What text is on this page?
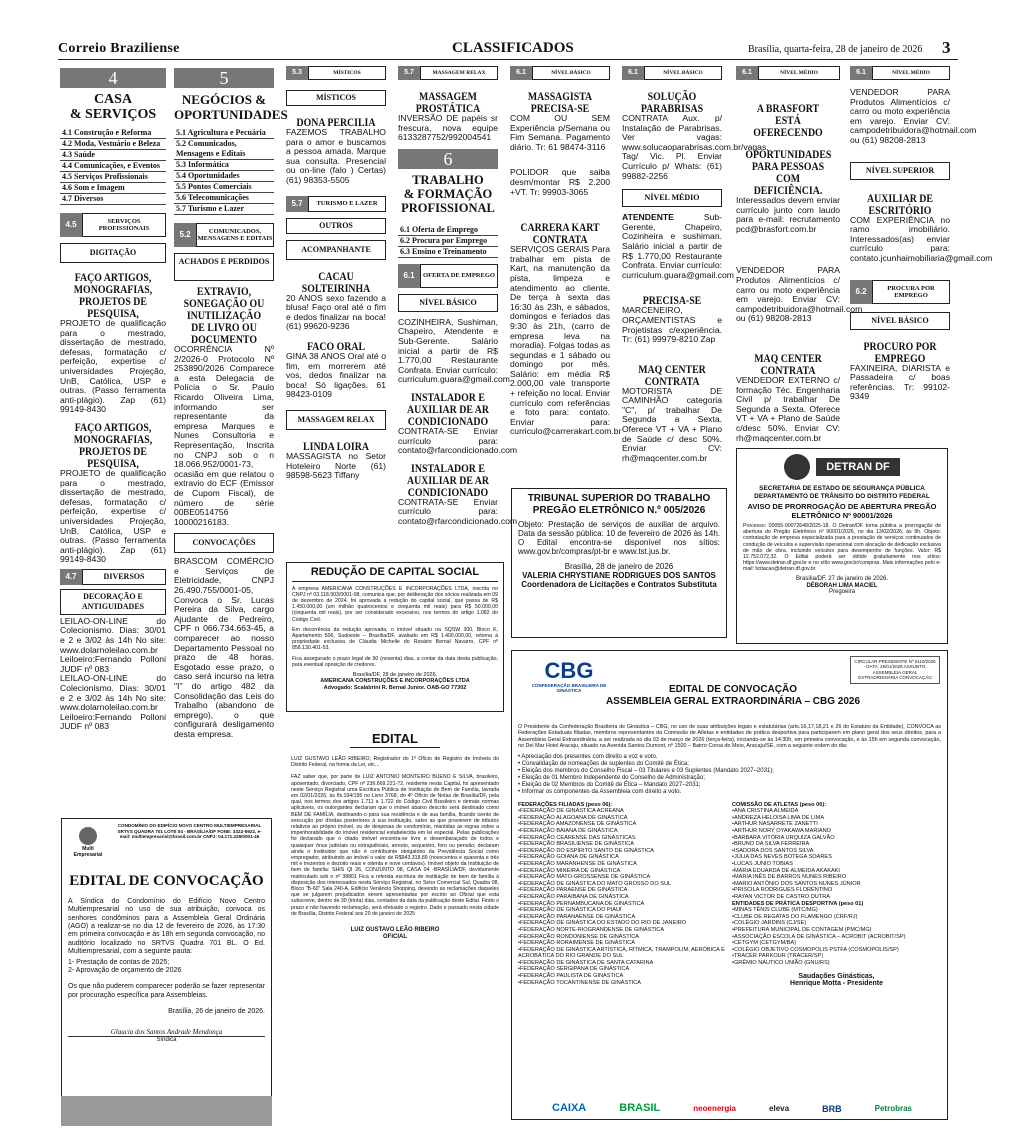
Correio Braziliense	CLASSIFICADOS	Brasília, quarta-feira, 28 de janeiro de 2026 3
4
CASA
& SERVIÇOS
4.1 Construção e Reforma
4.2 Moda, Vestuário e Beleza
4.3 Saúde
4.4 Comunicações, e Eventos
4.5 Serviços Profissionais
4.6 Som e Imagem
4.7 Diversos
4.5	SERVIÇOS PROFISSIONAIS
DIGITAÇÃO
FAÇO ARTIGOS, MONOGRAFIAS, PROJETOS DE PESQUISA,
PROJETO de qualificação para o mestrado, dissertação de mestrado, defesas, formatação c/ perfeição, expertise c/ universidades Projeção, UnB, Católica, USP e outras. (Passo ferramenta anti-plágio). Zap (61) 99149-8430
FAÇO ARTIGOS, MONOGRAFIAS, PROJETOS DE PESQUISA,
PROJETO de qualificação para o mestrado, dissertação de mestrado, defesas, formatação c/ perfeição, expertise c/ universidades Projeção, UnB, Católica, USP e outras. (Passo ferramenta anti-plágio). Zap (61) 99149-8430
4.7	DIVERSOS
DECORAÇÃO E ANTIGUIDADES
LEILAO-ON-LINE do Colecionismo. Dias: 30/01 e 2 e 3/02 às 14h No site: www.dolarnoleilao.com.br Leiloeiro:Fernando Polloni JUDF nº 083
LEILAO-ON-LINE do Colecionismo. Dias: 30/01 e 2 e 3/02 às 14h No site: www.dolarnoleilao.com.br Leiloeiro:Fernando Polloni JUDF nº 083
5
NEGÓCIOS &
OPORTUNIDADES
5.1 Agricultura e Pecuária
5.2 Comunicados, Mensagens e Editais
5.3 Informática
5.4 Oportunidades
5.5 Pontos Comerciais
5.6 Telecomunicações
5.7 Turismo e Lazer
5.2	COMUNICADOS, MENSAGENS E EDITAIS
ACHADOS E PERDIDOS
EXTRAVIO, SONEGAÇÃO OU INUTILIZAÇÃO DE LIVRO OU DOCUMENTO
OCORRÊNCIA Nº 2/2026-0 Protocolo Nº 253890/2026 Comparece a esta Delegacia de Polícia o Sr. Paulo Ricardo Oliveira Lima, informando ser representante da empresa Marques e Nunes Consultoria e Representação, Inscrita no CNPJ sob o n 18.066.952/0001-73, ocasião em que relatou o extravio do ECF (Emissor de Cupom Fiscal), de número de série 00BE0514756 10000216183.
CONVOCAÇÕES
BRASCOM COMÉRCIO e Serviços de Eletricidade, CNPJ 26.490.755/0001-05, Convoca o Sr. Lucas Pereira da Silva, cargo Ajudante de Pedreiro, CPF n 066.734.663-45, a comparecer ao nosso Departamento Pessoal no prazo de 48 horas. Esgotado esse prazo, o caso será incurso na letra "I" do artigo 482 da Consolidação das Leis do Trabalho (abandono de emprego), o que configurará desligamento desta empresa.
5.3	MÍSTICOS
MÍSTICOS
DONA PERCILIA
FAZEMOS TRABALHO para o amor e buscamos a pessoa amada. Marque sua consulta. Presencial ou on-line (falo ) Certas) (61) 98353-5505
5.7	TURISMO E LAZER
OUTROS
ACOMPANHANTE
CACAU SOLTEIRINHA
20 ANOS sexo fazendo a blusa! Faço oral até o fim e dedos finalizar na boca! (61) 99620-9236
FACO ORAL
GINA 38 ANOS Oral até o fim, em morrerem até vos, dedos finalizar na boca! Só ligações. 61 98423-0109
MASSAGEM RELAX
LINDA LOIRA
MASSAGISTA no Setor Hoteleiro Norte (61) 98598-5623 Tiffany
5.7	MASSAGEM RELAX
MASSAGEM PROSTÁTICA
INVERSÃO DE papéis sr frescura, nova equipe 6133287752/992004541
6
TRABALHO
& FORMAÇÃO
PROFISSIONAL
6.1 Oferta de Emprego
6.2 Procura por Emprego
6.3 Ensino e Treinamento
6.1	OFERTA DE EMPREGO
NÍVEL BÁSICO
COZINHEIRA, Sushiman, Chapeiro, Atendente e Sub-Gerente. Salário inicial a partir de R$ 1.770,00 Restaurante Confrata. Enviar currículo: curriculum.guara@gmail.com
INSTALADOR E AUXILIAR DE AR CONDICIONADO
CONTRATA-SE Enviar currículo para: contato@rfarcondicionado.com
INSTALADOR E AUXILIAR DE AR CONDICIONADO
CONTRATA-SE Enviar currículo para: contato@rfarcondicionado.com
6.1	NÍVEL BÁSICO
MASSAGISTA PRECISA-SE
COM OU SEM Experiência p/Semana ou Fim Semana. Pagamento diário. Tr: 61 98474-3116
POLIDOR que saiba desm/montar R$ 2.200 +VT. Tr: 99903-3065
CARRERA KART CONTRATA
SERVIÇOS GERAIS Para trabalhar em pista de Kart, na manutenção da pista, limpeza e atendimento ao cliente. De terça à sexta das 16:30 às 23h, e sábados, domingos e feriados das 9:30 às 21h, (carro de empresa leva na moradia). Folgas todas as segundas e 1 sábado ou domingo por mês. Salário: em média R$ 2.000,00 vale transporte + refeição no local. Enviar currículo com referências e foto para: contato. Enviar para: curriculo@carrerakart.com.br
6.1	NÍVEL BÁSICO
SOLUÇÃO PARABRISAS
CONTRATA Aux. p/ Instalação de Parabrisas. Ver vagas: www.solucaoparabrisas.com.br/vagas. Tag/ Vic. Pl. Enviar Currículo p/ Whats: (61) 99882-2256
NÍVEL MÉDIO
ATENDENTE	Sub-Gerente, Chapeiro, Cozinheira e sushiman. Salário inicial a partir de R$ 1.770,00 Restaurante Confrata. Enviar currículo: curriculum.guara@gmail.com
PRECISA-SE
MARCENEIRO, ORÇAMENTISTAS e Projetistas c/experiência. Tr: (61) 99979-8210 Zap
MAQ CENTER CONTRATA
MOTORISTA DE CAMINHÃO categoria "C", p/ trabalhar De Segunda a Sexta. Oferece VT + VA + Plano de Saúde c/ desc 50%. Enviar CV: rh@maqcenter.com.br
6.1	NÍVEL MÉDIO
A BRASFORT ESTÁ OFERECENDO
OPORTUNIDADES PARA PESSOAS COM DEFICIÊNCIA.
Interessados devem enviar currículo junto com laudo para e-mail: recrutamento pcd@brasfort.com.br
VENDEDOR PARA Produtos Alimentícios c/ carro ou moto experiência em varejo. Enviar CV: campodetribuidora@hotmail.com ou (61) 98208-2813
MAQ CENTER CONTRATA
VENDEDOR EXTERNO c/ formação Téc. Engenharia Civil p/ trabalhar De Segunda a Sexta. Oferece VT + VA + Plano de Saúde c/desc 50%. Enviar CV: rh@maqcenter.com.br
6.1	NÍVEL MÉDIO
VENDEDOR PARA Produtos Alimentícios c/ carro ou moto experiência em varejo. Enviar CV: campodetribuidora@hotmail.com ou (61) 98208-2813
NÍVEL SUPERIOR
AUXILIAR DE ESCRITÓRIO
COM EXPERIÊNCIA no ramo imobiliário. Interessados(as) enviar currículo para: contato.jcunhaimobiliaria@gmail.com
6.2	PROCURA POR EMPREGO
NÍVEL BÁSICO
PROCURO POR EMPREGO
FAXINEIRA, DIARISTA e Passadeira c/ boas referências. Tr: 99102-9349
TRIBUNAL SUPERIOR DO TRABALHO
PREGÃO ELETRÔNICO N.º 005/2026
Objeto: Prestação de serviços de auxiliar de arquivo. Data da sessão pública: 10 de fevereiro de 2026 às 14h. O Edital encontra-se disponível nos sítios: www.gov.br/compras/pt-br e www.tst.jus.br.
Brasília, 28 de janeiro de 2026
VALERIA CHRYSTIANE RODRIGUES DOS SANTOS
Coordenadora de Licitações e Contratos Substituta
DETRAN DF
SECRETARIA DE ESTADO DE SEGURANÇA PÚBLICA DEPARTAMENTO DE TRÂNSITO DO DISTRITO FEDERAL
AVISO DE PRORROGAÇÃO DE ABERTURA PREGÃO ELETRÔNICO Nº 90001/2026
Processo: 00055-00072648/2025-18. O Detran/DF torna pública a prorrogação de abertura do Pregão Eletrônico nº 90001/2026, no dia 13/02/2026, às 9h. Objeto: contratação de empresa especializada para a prestação de serviços continuados de condução de veículos e supervisão operacional com alocação de dedicação exclusiva de mão de obra, incluindo veículos para desempenho de funções. Valor: R$ 12.752.072,32. O Edital poderá ser obtido gratuitamente nos sítios: https://www.detran.df.gov.br e no sítio www.gov.br/compras. Mais informações pelo e-mail: licitacao@detran.df.gov.br.
Brasília/DF, 27 de janeiro de 2026.
DÉBORAH LIMA MACIEL
Pregoeira
REDUÇÃO DE CAPITAL SOCIAL
A empresa AMERICANA CONSTRUÇÕES E INCORPORAÇÕES LTDA, inscrita no CNPJ nº 03.118.903/0001-08, comunica que, por deliberação dos sócios realizada em 09 de dezembro de 2024, foi aprovada a redução do capital social, que passa de R$ 1.450.000,00 (um milhão quatrocentos e cinquenta mil reais) para R$ 50.000,00 (cinquenta mil reais), por ser considerado excessivo, nos termos do artigo 1.082 do Código Civil.
Em decorrência da redução aprovada, o imóvel situado na SQSW 300, Bloco K, Apartamento 506, Sudoeste – Brasília/DF, avaliado em R$ 1.400.000,00, retorna à propriedade exclusiva de Cláudia Michelle do Rosário Bernal Navarro, CPF nº 858.130.401-53.
Fica assegurado o prazo legal de 90 (noventa) dias, a contar da data desta publicação, para eventual oposição de credores.
Brasília/DF, 28 de janeiro de 2026.
AMERICANA CONSTRUÇÕES E INCORPORAÇÕES LTDA
Advogado: Scalabrini R. Bernal Junior. OAB-GO 77302
EDITAL
LUIZ GUSTAVO LEÃO RIBEIRO, Registrador do 1º Ofício de Registro de Imóveis do Distrito Federal, na forma da Lei, etc...
FAZ saber que, por parte de LUIZ ANTONIO MONTEIRO BUENO E SILVA, brasileiro, aposentado, divorciado, CPF nº 236.669.221-72, residente nesta Capital, foi apresentado neste Serviço Registral uma Escritura Pública de Instituição de Bem de Família, lavrada em 02/01/2026, às fls.194/195 no Livro 3768, do 4º Ofício de Notas de Brasília/DF, pela qual, nos termos dos artigos 1.711 a 1.722 do Código Civil Brasileiro e demais normas aplicáveis, os outorgantes declaram que o imóvel abaixo descrito será destinado como BEM DE FAMÍLIA, destinando-o para sua residência e de sua família, ficando isento de execução por dívidas posteriores à sua instituição, salvo as que provierem de tributos relativos ao próprio imóvel, ou de despesas de condomínio, mantidas as regras sobre a impenhorabilidade do imóvel residencial estabelecida em lei especial. Pelas publicações foi declarado que o citado imóvel encontra-se livre e desembaraçado de todos e quaisquer ônus judiciais ou extrajudiciais, arresto, sequestro, foro ou pensão; declaram ainda o Instituidor que não é contribuinte obrigatório da Previdência Social como empregador, atribuindo ao imóvel o valor de R$943.318,89 (novecentos e quarenta e três mil e trezentos e dezoito reais e oitenta e nove centavos). Imóvel objeto da Instituição de bem de família: SHIS QI 26, CONJUNTO 08, CASA 04 -BRASÍLIA/DF, devidamente matriculado sob o nº 38801 Fica a referida escritura de instituição de bem de família à disposição dos interessados nesta Serviço Registral, no Setor Comercial Sul, Quadra 08, Bloco "B-60" Sala 240-A, Edifício Venâncio Shopping, devendo as reclamações daqueles que se julgarem prejudicados serem apresentadas por escrito ao Oficial que esta subscreve, dentro de 30 (trinta) dias, contados da data da publicação deste Edital. Findo o prazo e não havendo reclamação, será efetuado o registro. Dado e passado nesta cidade de Brasília, Distrito Federal aos 20 de janeiro de 2025
LUIZ GUSTAVO LEÃO RIBEIRO
OFICIAL
Multi Empresarial
CONDOMÍNIO DO EDIFÍCIO NOVO CENTRO MULTIEMPRESARIAL SRTVS QUADRA 701 LOTE 04 - BRASÍLIA/DF FONE: 3322-5922, e-mail: multiempresarial@brasil.com.br CNPJ: 04.171.226/0001-46
EDITAL DE CONVOCAÇÃO
A Síndica do Condomínio do Edifício Novo Centro Multiempresarial no uso de sua atribuição, convoca os senhores condôminos para a Assembleia Geral Ordinária (AGO) a realizar-se no dia 12 de fevereiro de 2026, às 17:30 em primeira convocação e às 18h em segunda convocação, no auditório localizado no SRTVS Quadra 701 BL. O Ed. Multiempresarial, com a seguinte pauta:
1- Prestação de contas de 2025;
2- Aprovação de orçamento de 2026
Os que não puderem comparecer poderão se fazer representar por procuração específica para Assembleias.
Brasília, 26 de janeiro de 2026.
Glaucia dos Santos Andrade Mendonça
Síndica
CBG
CONFEDERAÇÃO BRASILEIRA DE GINÁSTICA
CIRCULAR PRESIDENTE Nº 0110/2026 - DATA: 26/01/2026 ASSUNTO: ASSEMBLEIA GERAL EXTRAORDINÁRIA CONVOCAÇÃO
EDITAL DE CONVOCAÇÃO
ASSEMBLEIA GERAL EXTRAORDINÁRIA – CBG 2026
O Presidente da Confederação Brasileira de Ginástica – CBG, no uso de suas atribuições legais e estatutárias (arts.16,17,18,21 e 26 do Estatuto da Entidade), CONVOCA as Federações Estaduais filiadas, membros representantes da Comissão de Atletas e entidades de prática desportiva para participarem em plano geral dos seus direitos, para a Assembleia Geral Extraordinária, a ser realizada no dia 03 de março de 2026 (terça-feira), iniciando-se às 14:30h, em primeira convocação, e às 15h em segunda convocação, no Del Mar Hotel Aracaju, situado na Avenida Santos Dumont, nº 1500 – Bairro Coroa do Meio, Aracaju/SE, com a seguinte ordem do dia:
• Apreciação dos presentes com direito a voz e voto.
• Convalidação de nomeações de suplentes do Comitê de Ética;
• Eleição dos membros do Conselho Fiscal – 03 Titulares e 03 Suplentes (Mandato 2027–2031);
• Eleição de 01 Membro Independente do Conselho de Administração;
• Eleição de 02 Membros do Comitê de Ética – Mandato 2027–2031;
• Informar os componentes da Assembleia com direito a voto.
FEDERAÇÕES FILIADAS (peso 06):
•FEDERAÇÃO DE GINÁSTICA ACREANA
•FEDERAÇÃO ALAGOANA DE GINÁSTICA
•FEDERAÇÃO AMAZONENSE DE GINÁSTICA
•FEDERAÇÃO BAIANA DE GINÁSTICA
•FEDERAÇÃO CEARENSE DAS GINÁSTICAS
•FEDERAÇÃO BRASILIENSE DE GINÁSTICA
•FEDERAÇÃO DO ESPÍRITO SANTO DE GINÁSTICA
•FEDERAÇÃO GOIANA DE GINÁSTICA
•FEDERAÇÃO MARANHENSE DE GINÁSTICA
•FEDERAÇÃO MINEIRA DE GINÁSTICA
•FEDERAÇÃO MATO-GROSSENSE DE GINÁSTICA
•FEDERAÇÃO DE GINÁSTICA DO MATO GROSSO DO SUL
•FEDERAÇÃO PARAENSE DE GINÁSTICA
•FEDERAÇÃO PARAIBANA DE GINÁSTICA
•FEDERAÇÃO PERNAMBUCANA DE GINÁSTICA
•FEDERAÇÃO DE GINÁSTICA DO PIAUÍ
•FEDERAÇÃO PARANAENSE DE GINÁSTICA
•FEDERAÇÃO DE GINÁSTICA DO ESTADO DO RIO DE JANEIRO
•FEDERAÇÃO NORTE-RIOGRANDENSE DE GINÁSTICA
•FEDERAÇÃO RONDONIENSE DE GINÁSTICA
•FEDERAÇÃO RORAIMENSE DE GINÁSTICA
•FEDERAÇÃO DE GINÁSTICA ARTÍSTICA, RÍTMICA, TRAMPOLIM, AERÓBICA E ACROBÁTICA DO RIO GRANDE DO SUL
•FEDERAÇÃO DE GINÁSTICA DE SANTA CATARINA
•FEDERAÇÃO SERGIPANA DE GINÁSTICA
•FEDERAÇÃO PAULISTA DE GINÁSTICA
•FEDERAÇÃO TOCANTINENSE DE GINÁSTICA
COMISSÃO DE ATLETAS (peso 06):
•ANA CRISTINA ALMEIDA
•ANDREZA HELOISA LIMA DE LIMA
•ARTHUR NASARRETE ZANETTI
•ARTHUR NORY OYAKAWA MARIANO
•BÁRBARA VITÓRIA URQUIZA GALVÃO
•BRUNO DA SILVA FERREIRA
•ISADORA DOS SANTOS SILVA
•JÚLIA DAS NEVES BOTEGA SOARES
•LUCAS JUNIO TOBIAS
•MARIA EDUARDA DE ALMEIDA AKAKAKI
•MARIA INÊS DE BARROS NUNES RIBEIRO
•MARIO ANTÔNIO DOS SANTOS NUNES JÚNIOR
•PRISCILA RODRIGUES FLORENTINO
•RAYAN VICTOR DE CASTRO DUTRA
ENTIDADES DE PRÁTICA DESPORTIVA (peso 01)
•MINAS TÊNIS CLUBE (MTC/MG)
•CLUBE DE REGATAS DO FLAMENGO (CRF/RJ)
•COLÉGIO JARDINS (CJ/SE)
•PREFEITURA MUNICIPAL DE CONTAGEM (PMC/MG)
•ASSOCIAÇÃO ESCOLA DE GINÁSTICA – ACROBIT (ACROBIT/SP)
•CETGYM (CETGYM/BA)
•COLÉGIO OBJETIVO COSMOPOLIS PSTFA (COSMOPOLIS/SP)
•TRACER PARKOUR (TRACER/SP)
•GRÊMIO NÁUTICO UNIÃO (GNU/RS)
Saudações Ginásticas,
Henrique Motta - Presidente
CAIXA	BRASIL	neoenergia	eleva	BRB	Petrobras
